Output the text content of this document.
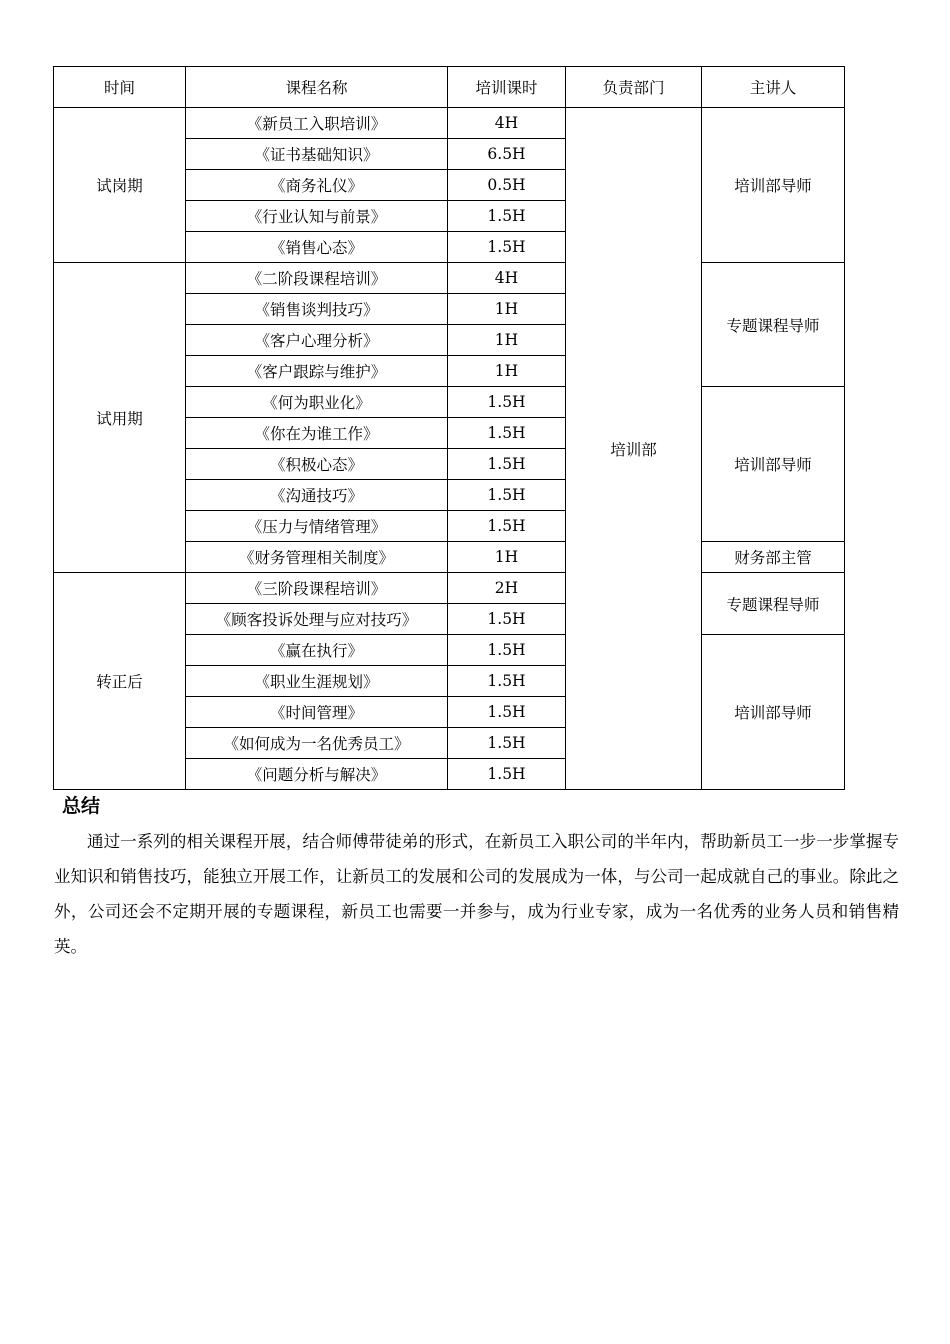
时间	课程名称	培训课时	负责部门	主讲人
试岗期	《新员工入职培训》	4H	培训部	培训部导师
	《证书基础知识》	6.5H		
	《商务礼仪》	0.5H		
	《行业认知与前景》	1.5H		
	《销售心态》	1.5H		
试用期	《二阶段课程培训》	4H		专题课程导师
	《销售谈判技巧》	1H		
	《客户心理分析》	1H		
	《客户跟踪与维护》	1H		
	《何为职业化》	1.5H		培训部导师
	《你在为谁工作》	1.5H		
	《积极心态》	1.5H		
	《沟通技巧》	1.5H		
	《压力与情绪管理》	1.5H		
	《财务管理相关制度》	1H		财务部主管
转正后	《三阶段课程培训》	2H		专题课程导师
	《顾客投诉处理与应对技巧》	1.5H		
	《赢在执行》	1.5H		培训部导师
	《职业生涯规划》	1.5H		
	《时间管理》	1.5H		
	《如何成为一名优秀员工》	1.5H		
	《问题分析与解决》	1.5H		
总结

通过一系列的相关课程开展，结合师傅带徒弟的形式，在新员工入职公司的半年内，帮助新员工一步一步掌握专业知识和销售技巧，能独立开展工作，让新员工的发展和公司的发展成为一体，与公司一起成就自己的事业。除此之外，公司还会不定期开展的专题课程，新员工也需要一并参与，成为行业专家，成为一名优秀的业务人员和销售精英。
